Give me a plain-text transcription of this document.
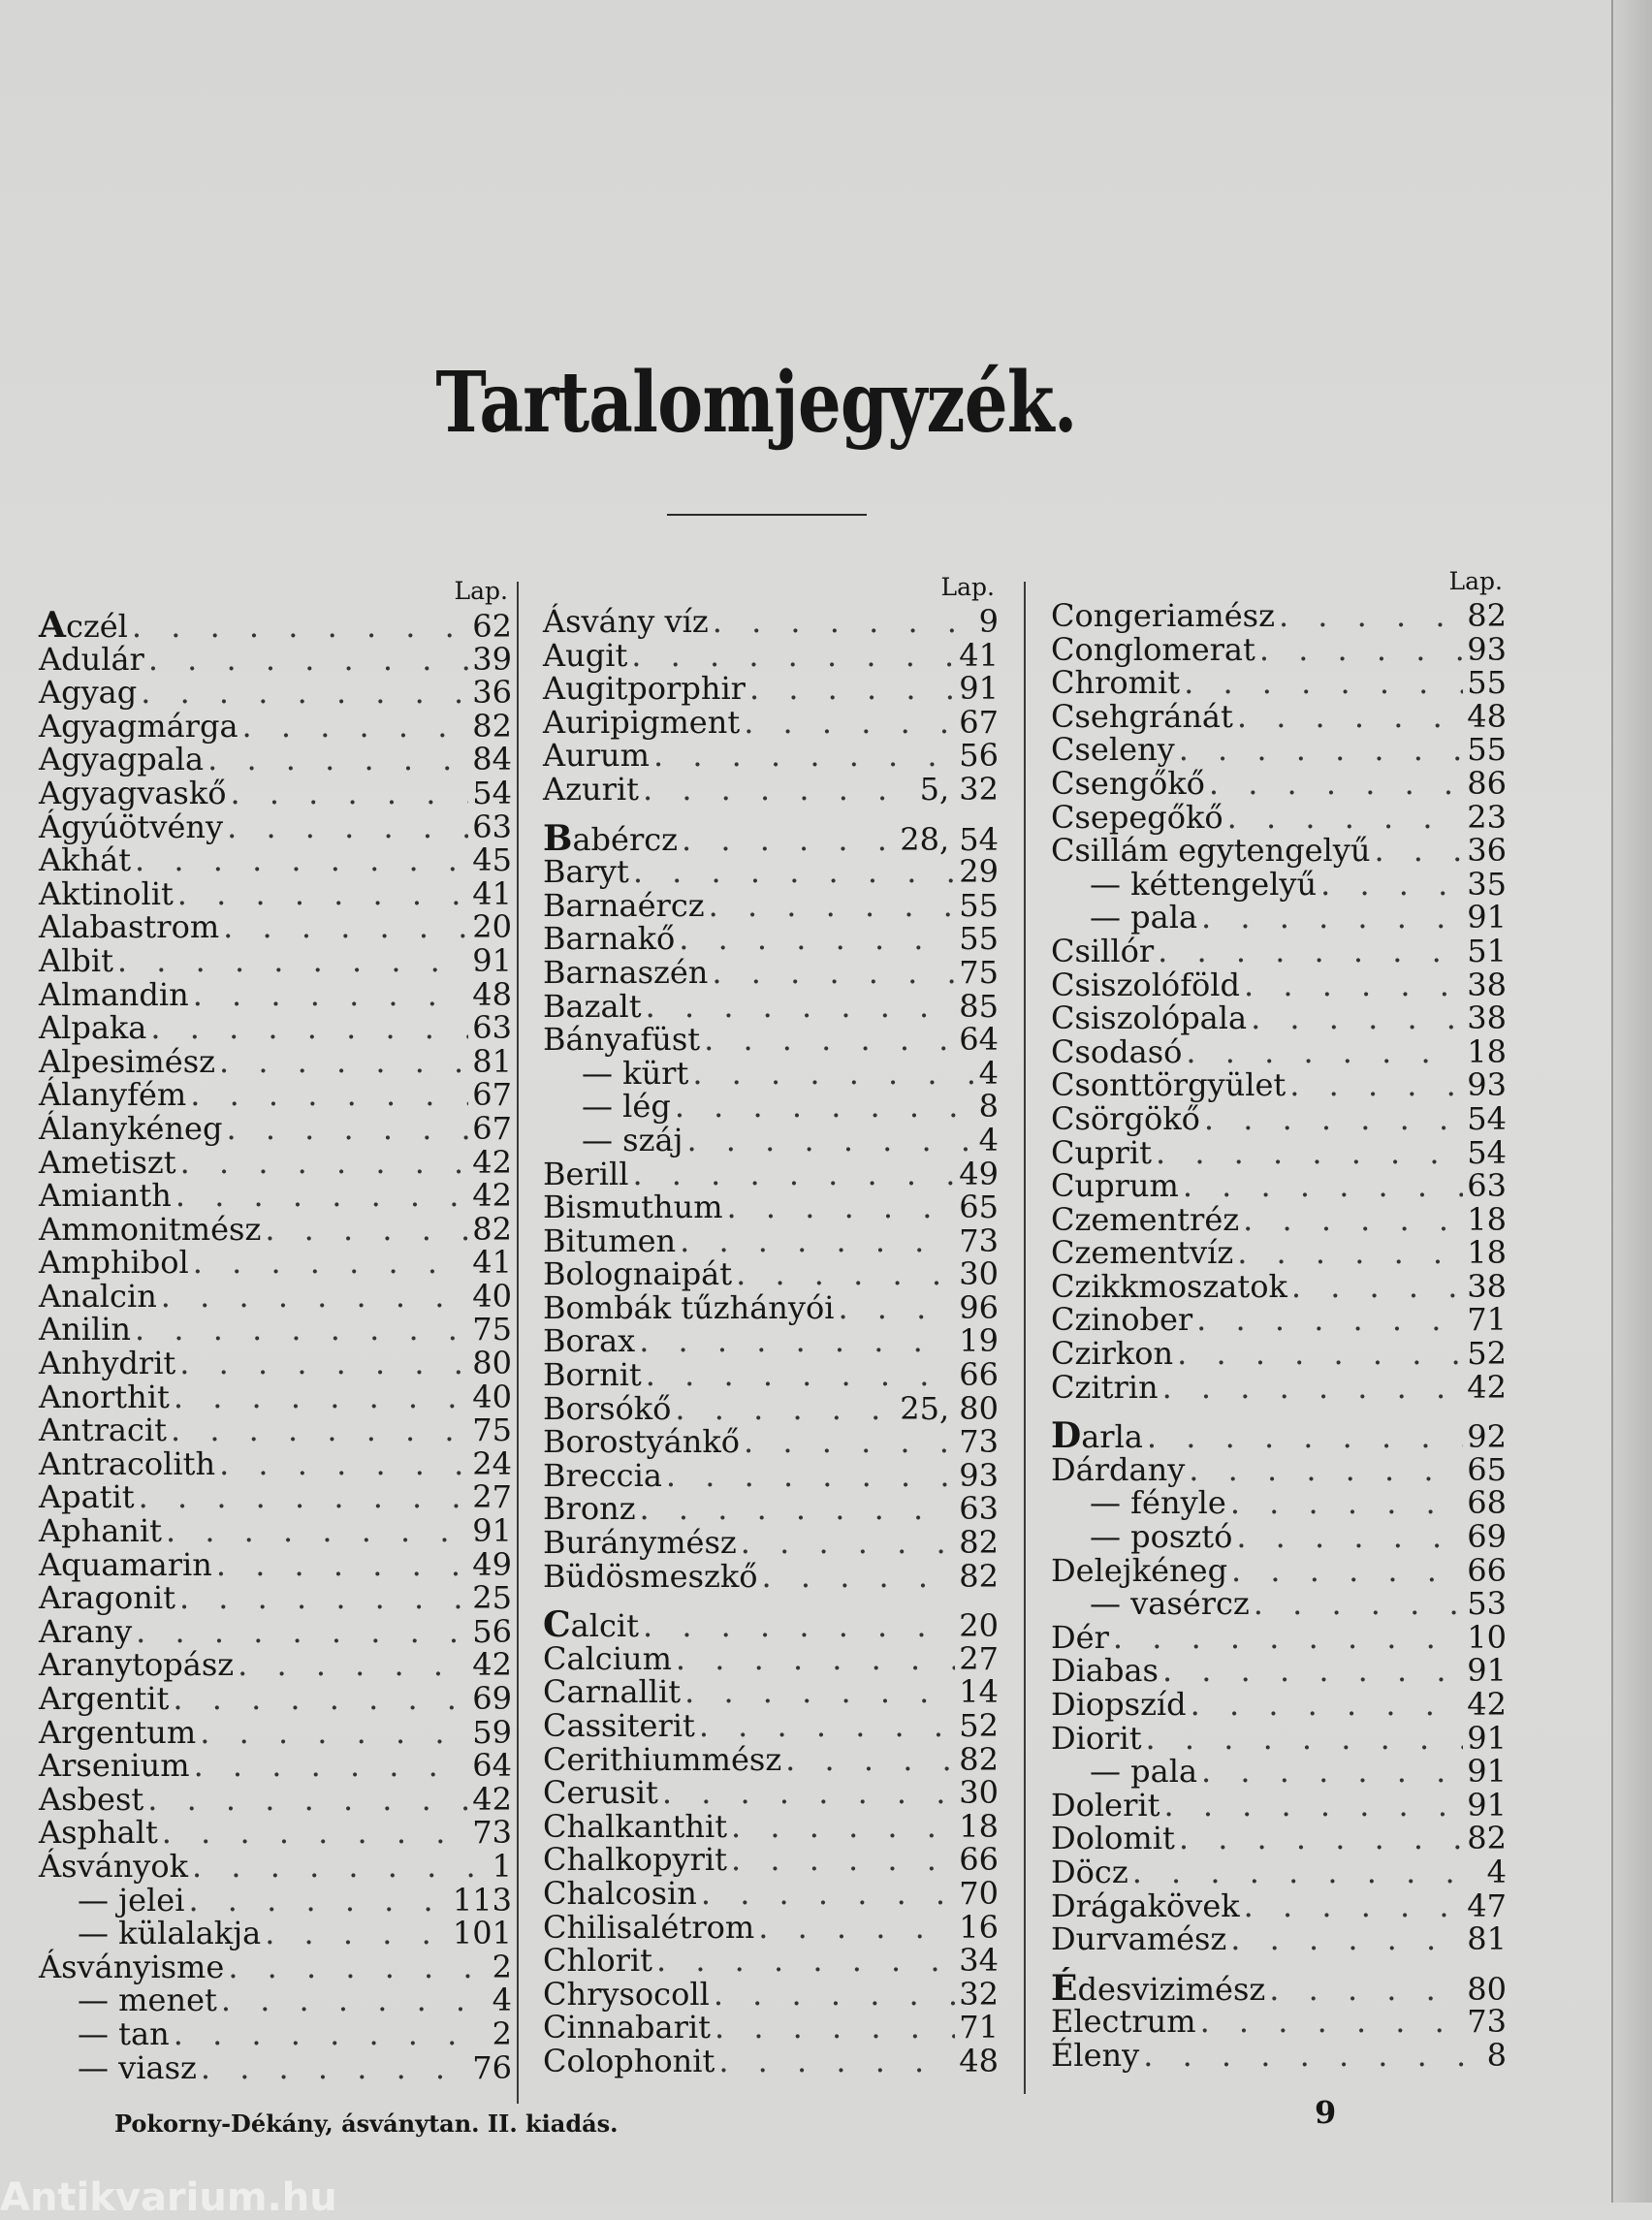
Tartalomjegyzék.
Lap.
Aczél . . .	62
Adulár . . .	39
Agyag . . .	36
Agyagmárga . . .	82
Agyagpala . . .	84
Agyagvaskő . . .	54
Ágyúötvény . . .	63
Akhát . . .	45
Aktinolit . . .	41
Alabastrom . . .	20
Albit . . .	91
Almandin . . .	48
Alpaka . . .	63
Alpesimész . . .	81
Álanyfém . . .	67
Álanykéneg . . .	67
Ametiszt . . .	42
Amianth . . .	42
Ammonitmész . . .	82
Amphibol . . .	41
Analcin . . .	40
Anilin . . .	75
Anhydrit . . .	80
Anorthit . . .	40
Antracit . . .	75
Antracolith . . .	24
Apatit . . .	27
Aphanit . . .	91
Aquamarin . . .	49
Aragonit . . .	25
Arany . . .	56
Aranytopász . . .	42
Argentit . . .	69
Argentum . . .	59
Arsenium . . .	64
Asbest . . .	42
Asphalt . . .	73
Ásványok . . .	1
— jelei . . .	113
— külalakja . . .	101
Ásványisme . . .	2
— menet . . .	4
— tan . . .	2
— viasz . . .	76
Lap.
Ásvány víz . . .	9
Augit . . .	41
Augitporphir . . .	91
Auripigment . . .	67
Aurum . . .	56
Azurit . . .	5, 32
Babércz . . .	28, 54
Baryt . . .	29
Barnaércz . . .	55
Barnakő . . .	55
Barnaszén . . .	75
Bazalt . . .	85
Bányafüst . . .	64
— kürt . . .	4
— lég . . .	8
— száj . . .	4
Berill . . .	49
Bismuthum . . .	65
Bitumen . . .	73
Bolognaipát . . .	30
Bombák tűzhányói . . .	96
Borax . . .	19
Bornit . . .	66
Borsókő . . .	25, 80
Borostyánkő . . .	73
Breccia . . .	93
Bronz . . .	63
Buránymész . . .	82
Büdösmeszkő . . .	82
Calcit . . .	20
Calcium . . .	27
Carnallit . . .	14
Cassiterit . . .	52
Cerithiummész . . .	82
Cerusit . . .	30
Chalkanthit . . .	18
Chalkopyrit . . .	66
Chalcosin . . .	70
Chilisalétrom . . .	16
Chlorit . . .	34
Chrysocoll . . .	32
Cinnabarit . . .	71
Colophonit . . .	48
Lap.
Congeriamész . . .	82
Conglomerat . . .	93
Chromit . . .	55
Csehgránát . . .	48
Cseleny . . .	55
Csengőkő . . .	86
Csepegőkő . . .	23
Csillám egytengelyű . . .	36
— kéttengelyű . . .	35
— pala . . .	91
Csillór . . .	51
Csiszolóföld . . .	38
Csiszolópala . . .	38
Csodasó . . .	18
Csonttörgyület . . .	93
Csörgökő . . .	54
Cuprit . . .	54
Cuprum . . .	63
Czementréz . . .	18
Czementvíz . . .	18
Czikkmoszatok . . .	38
Czinober . . .	71
Czirkon . . .	52
Czitrin . . .	42
Darla . . .	92
Dárdany . . .	65
— fényle . . .	68
— posztó . . .	69
Delejkéneg . . .	66
— vasércz . . .	53
Dér . . .	10
Diabas . . .	91
Diopszíd . . .	42
Diorit . . .	91
— pala . . .	91
Dolerit . . .	91
Dolomit . . .	82
Döcz . . .	4
Drágakövek . . .	47
Durvamész . . .	81
Édesvizimész . . .	80
Electrum . . .	73
Éleny . . .	8
Pokorny-Dékány, ásványtan. II. kiadás.	9
Antikvarium.hu
